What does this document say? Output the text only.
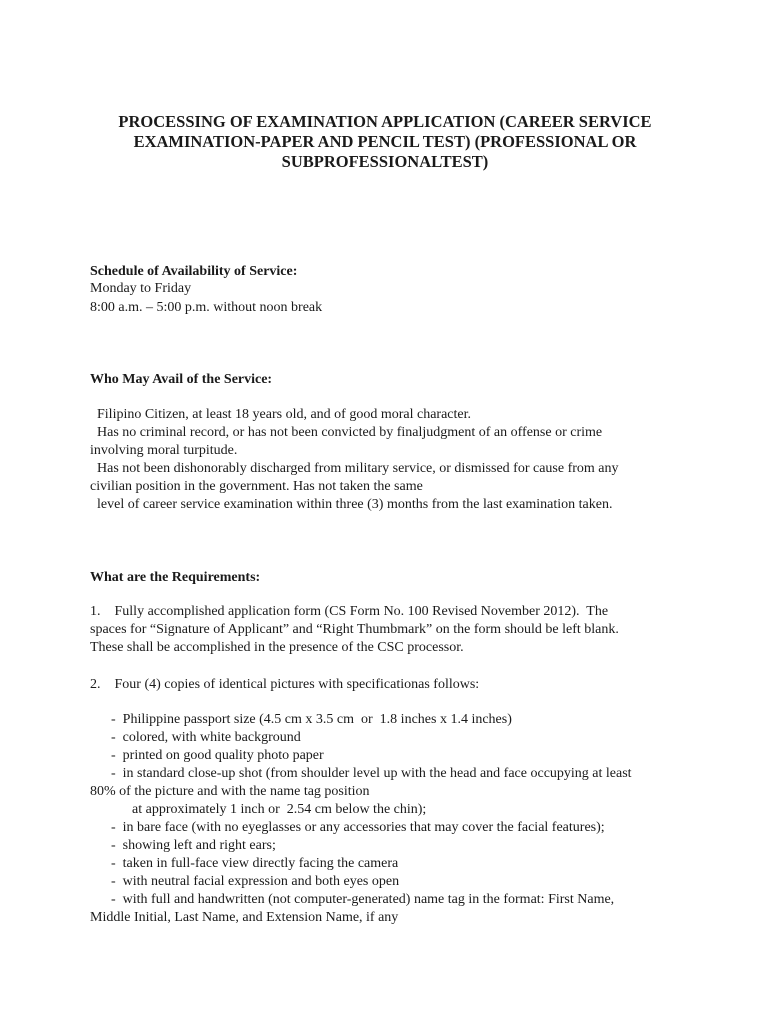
PROCESSING OF EXAMINATION APPLICATION (CAREER SERVICE
EXAMINATION-PAPER AND PENCIL TEST) (PROFESSIONAL OR
SUBPROFESSIONALTEST)
Schedule of Availability of Service:
Monday to Friday
8:00 a.m. – 5:00 p.m. without noon break
Who May Avail of the Service:
Filipino Citizen, at least 18 years old, and of good moral character.
Has no criminal record, or has not been convicted by finaljudgment of an offense or crime
involving moral turpitude.
Has not been dishonorably discharged from military service, or dismissed for cause from any
civilian position in the government. Has not taken the same
level of career service examination within three (3) months from the last examination taken.
What are the Requirements:
1.    Fully accomplished application form (CS Form No. 100 Revised November 2012).  The
spaces for “Signature of Applicant” and “Right Thumbmark” on the form should be left blank.
These shall be accomplished in the presence of the CSC processor.
2.    Four (4) copies of identical pictures with specificationas follows:
-  Philippine passport size (4.5 cm x 3.5 cm  or  1.8 inches x 1.4 inches)
-  colored, with white background
-  printed on good quality photo paper
-  in standard close-up shot (from shoulder level up with the head and face occupying at least
80% of the picture and with the name tag position
at approximately 1 inch or  2.54 cm below the chin);
-  in bare face (with no eyeglasses or any accessories that may cover the facial features);
-  showing left and right ears;
-  taken in full-face view directly facing the camera
-  with neutral facial expression and both eyes open
-  with full and handwritten (not computer-generated) name tag in the format: First Name,
Middle Initial, Last Name, and Extension Name, if any
